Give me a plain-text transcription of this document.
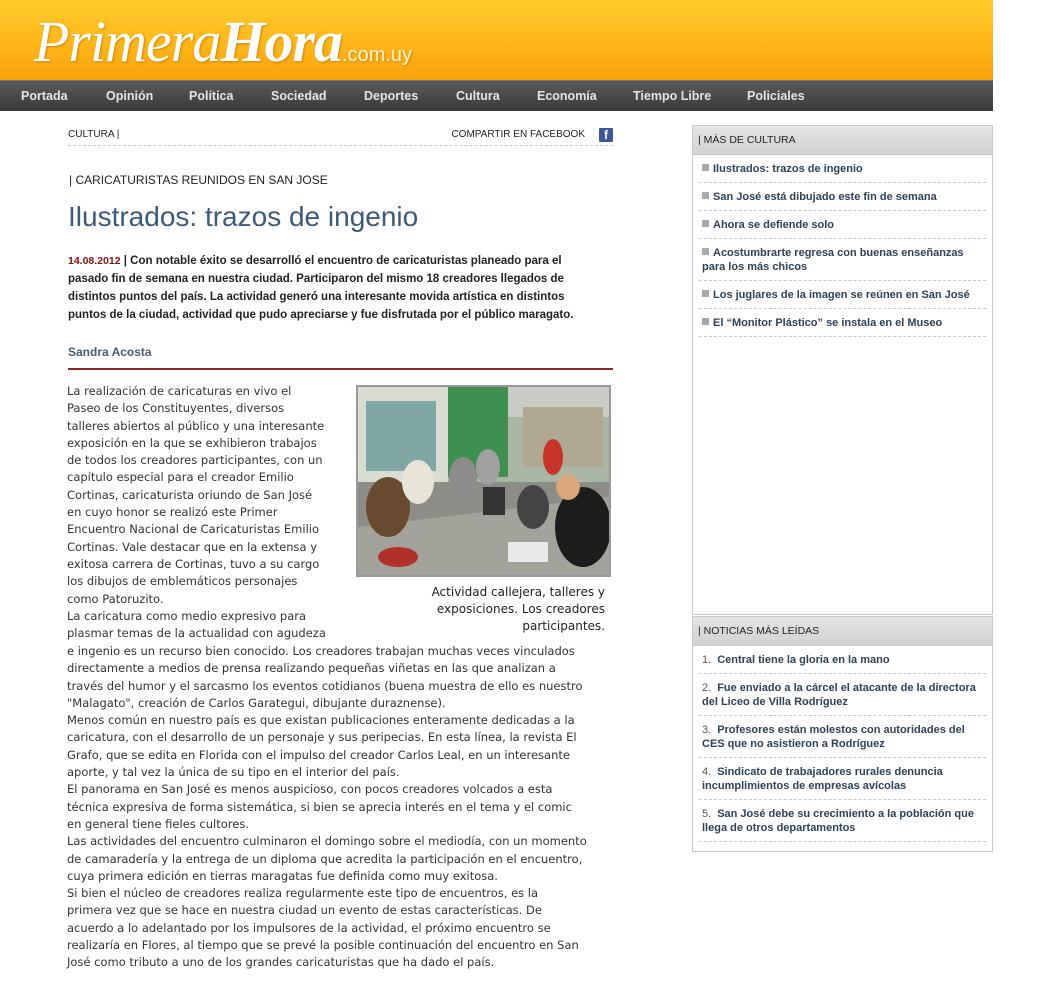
PrimeraHora.com.uy
Portada	Opinión	Política	Sociedad	Deportes	Cultura	Economía	Tiempo Libre	Policiales
CULTURA |	COMPARTIR EN FACEBOOK	f
| CARICATURISTAS REUNIDOS EN SAN JOSE
Ilustrados: trazos de ingenio
14.08.2012 | Con notable éxito se desarrolló el encuentro de caricaturistas planeado para el pasado fin de semana en nuestra ciudad. Participaron del mismo 18 creadores llegados de distintos puntos del país. La actividad generó una interesante movida artística en distintos puntos de la ciudad, actividad que pudo apreciarse y fue disfrutada por el público maragato.
Sandra Acosta
Actividad callejera, talleres y exposiciones. Los creadores participantes.
La realización de caricaturas en vivo el
Paseo de los Constituyentes, diversos
talleres abiertos al público y una interesante
exposición en la que se exhibieron trabajos
de todos los creadores participantes, con un
capítulo especial para el creador Emilio
Cortinas, caricaturista oriundo de San José
en cuyo honor se realizó este Primer
Encuentro Nacional de Caricaturistas Emilio
Cortinas. Vale destacar que en la extensa y
exitosa carrera de Cortinas, tuvo a su cargo
los dibujos de emblemáticos personajes
como Patoruzito.
La caricatura como medio expresivo para
plasmar temas de la actualidad con agudeza
e ingenio es un recurso bien conocido. Los creadores trabajan muchas veces vinculados
directamente a medios de prensa realizando pequeñas viñetas en las que analizan a
través del humor y el sarcasmo los eventos cotidianos (buena muestra de ello es nuestro
"Malagato", creación de Carlos Garategui, dibujante duraznense).
Menos común en nuestro país es que existan publicaciones enteramente dedicadas a la
caricatura, con el desarrollo de un personaje y sus peripecias. En esta línea, la revista El
Grafo, que se edita en Florida con el impulso del creador Carlos Leal, en un interesante
aporte, y tal vez la única de su tipo en el interior del país.
El panorama en San José es menos auspicioso, con pocos creadores volcados a esta
técnica expresiva de forma sistemática, si bien se aprecia interés en el tema y el comic
en general tiene fieles cultores.
Las actividades del encuentro culminaron el domingo sobre el mediodía, con un momento
de camaradería y la entrega de un diploma que acredita la participación en el encuentro,
cuya primera edición en tierras maragatas fue definida como muy exitosa.
Si bien el núcleo de creadores realiza regularmente este tipo de encuentros, es la
primera vez que se hace en nuestra ciudad un evento de estas características. De
acuerdo a lo adelantado por los impulsores de la actividad, el próximo encuentro se
realizaría en Flores, al tiempo que se prevé la posible continuación del encuentro en San
José como tributo a uno de los grandes caricaturistas que ha dado el país.
| MÁS DE CULTURA
Ilustrados: trazos de ingenio
San José está dibujado este fin de semana
Ahora se defiende solo
Acostumbrarte regresa con buenas enseñanzas para los más chicos
Los juglares de la imagen se reúnen en San José
El “Monitor Plástico” se instala en el Museo
| NOTICIAS MÁS LEÍDAS
1. Central tiene la gloria en la mano
2. Fue enviado a la cárcel el atacante de la directora del Liceo de Villa Rodríguez
3. Profesores están molestos con autoridades del CES que no asistieron a Rodríguez
4. Sindicato de trabajadores rurales denuncia incumplimientos de empresas avícolas
5. San José debe su crecimiento a la población que llega de otros departamentos
